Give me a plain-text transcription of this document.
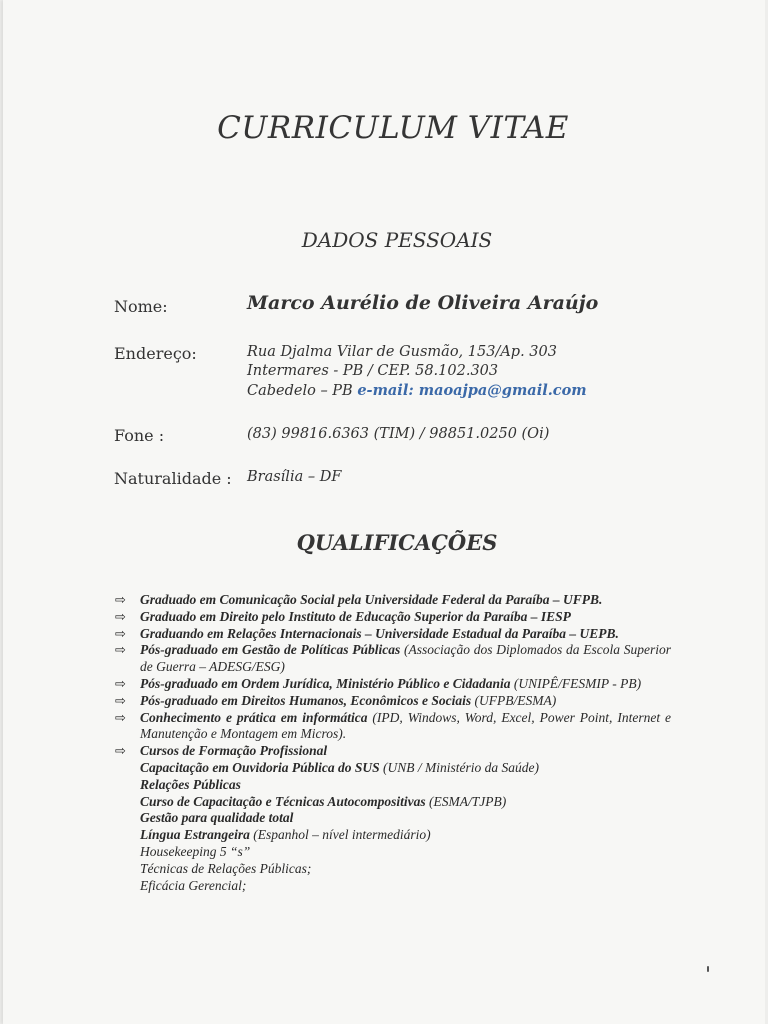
CURRICULUM VITAE
DADOS PESSOAIS
Nome:	Marco Aurélio de Oliveira Araújo
Endereço:	Rua Djalma Vilar de Gusmão, 153/Ap. 303
Intermares - PB / CEP. 58.102.303
Cabedelo – PB e-mail: maoajpa@gmail.com
Fone :	(83) 99816.6363 (TIM) / 98851.0250 (Oi)
Naturalidade : Brasília – DF
QUALIFICAÇÕES
⇨ Graduado em Comunicação Social pela Universidade Federal da Paraíba – UFPB.
⇨ Graduado em Direito pelo Instituto de Educação Superior da Paraíba – IESP
⇨ Graduando em Relações Internacionais – Universidade Estadual da Paraíba – UEPB.
⇨ Pós-graduado em Gestão de Políticas Públicas (Associação dos Diplomados da Escola Superior de Guerra – ADESG/ESG)
⇨ Pós-graduado em Ordem Jurídica, Ministério Público e Cidadania (UNIPÊ/FESMIP - PB)
⇨ Pós-graduado em Direitos Humanos, Econômicos e Sociais (UFPB/ESMA)
⇨ Conhecimento e prática em informática (IPD, Windows, Word, Excel, Power Point, Internet e Manutenção e Montagem em Micros).
⇨ Cursos de Formação Profissional
Capacitação em Ouvidoria Pública do SUS (UNB / Ministério da Saúde)
Relações Públicas
Curso de Capacitação e Técnicas Autocompositivas (ESMA/TJPB)
Gestão para qualidade total
Língua Estrangeira (Espanhol – nível intermediário)
Housekeeping 5 “s”
Técnicas de Relações Públicas;
Eficácia Gerencial;
